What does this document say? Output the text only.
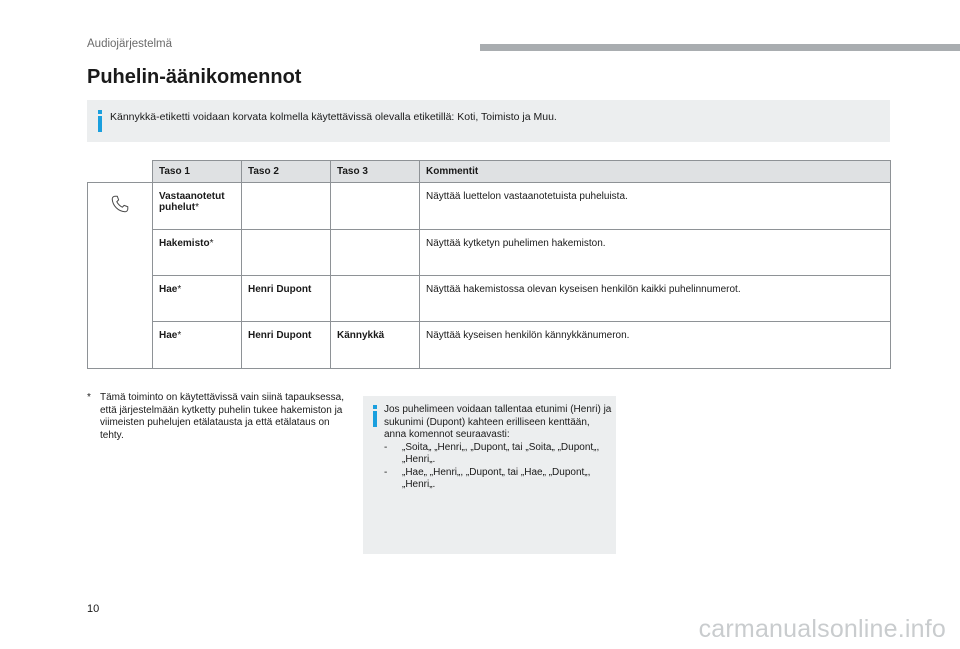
Audiojärjestelmä
Puhelin-äänikomennot
Kännykkä-etiketti voidaan korvata kolmella käytettävissä olevalla etiketillä: Koti, Toimisto ja Muu.
	Taso 1	Taso 2	Taso 3	Kommentit
	Vastaanotetut puhelut*			Näyttää luettelon vastaanotetuista puheluista.
	Hakemisto*			Näyttää kytketyn puhelimen hakemiston.
	Hae*	Henri Dupont		Näyttää hakemistossa olevan kyseisen henkilön kaikki puhelinnumerot.
	Hae*	Henri Dupont	Kännykkä	Näyttää kyseisen henkilön kännykkänumeron.
* Tämä toiminto on käytettävissä vain siinä tapauksessa, että järjestelmään kytketty puhelin tukee hakemiston ja viimeisten puhelujen etälatausta ja että etälataus on tehty.

Jos puhelimeen voidaan tallentaa etunimi (Henri) ja sukunimi (Dupont) kahteen erilliseen kenttään, anna komennot seuraavasti:

- „Soita„ „Henri„, „Dupont„ tai „Soita„ „Dupont„, „Henri„.
- „Hae„ „Henri„, „Dupont„ tai „Hae„ „Dupont„, „Henri„.
10
carmanualsonline.info
